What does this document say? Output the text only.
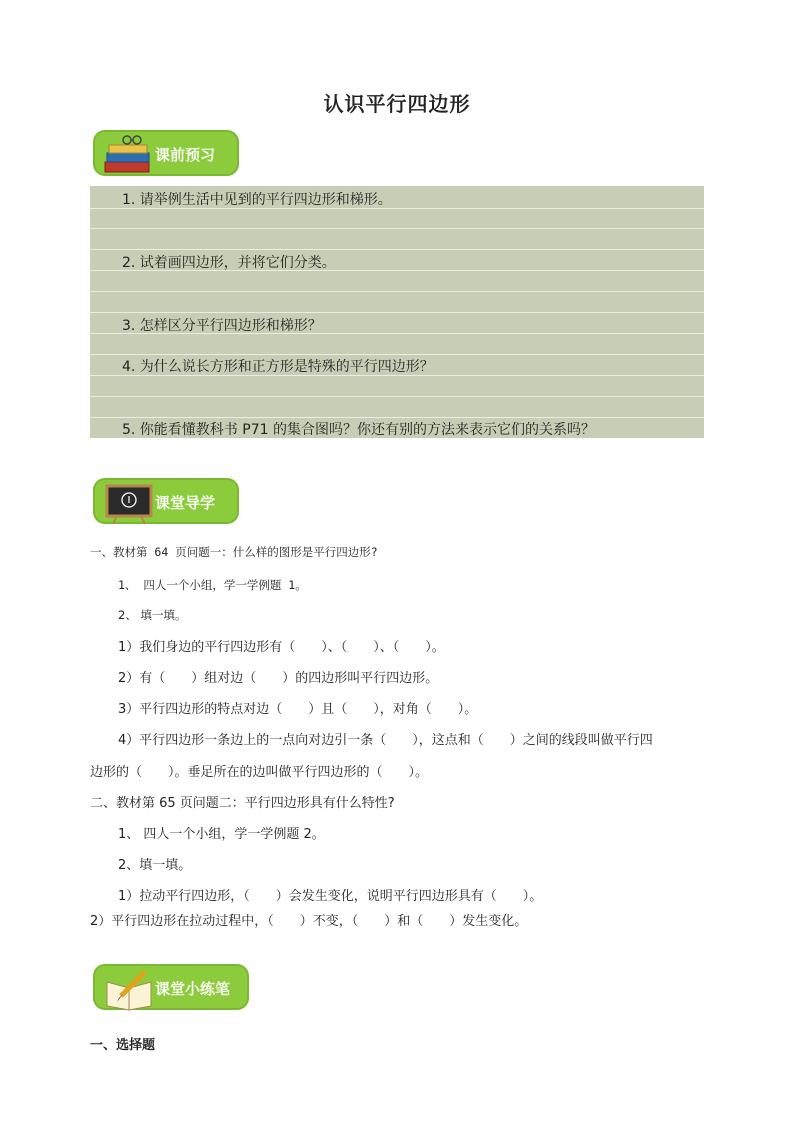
认识平行四边形
课前预习
1. 请举例生活中见到的平行四边形和梯形。
2. 试着画四边形，并将它们分类。
3. 怎样区分平行四边形和梯形？
4. 为什么说长方形和正方形是特殊的平行四边形？
5. 你能看懂教科书 P71 的集合图吗？你还有别的方法来表示它们的关系吗？
课堂导学
一、教材第 64 页问题一：什么样的图形是平行四边形?
1、 四人一个小组，学一学例题 1。
2、 填一填。
1）我们身边的平行四边形有（　　）、（　　）、（　　）。
2）有（　　）组对边（　　）的四边形叫平行四边形。
3）平行四边形的特点对边（　　）且（　　），对角（　　）。
4）平行四边形一条边上的一点向对边引一条（　　），这点和（　　）之间的线段叫做平行四
边形的（　　）。垂足所在的边叫做平行四边形的（　　）。
二、教材第 65 页问题二：平行四边形具有什么特性?
1、 四人一个小组，学一学例题 2。
2、填一填。
1）拉动平行四边形，（　　）会发生变化，说明平行四边形具有（　　）。
2）平行四边形在拉动过程中，（　　）不变，（　　）和（　　）发生变化。
课堂小练笔
一、选择题
